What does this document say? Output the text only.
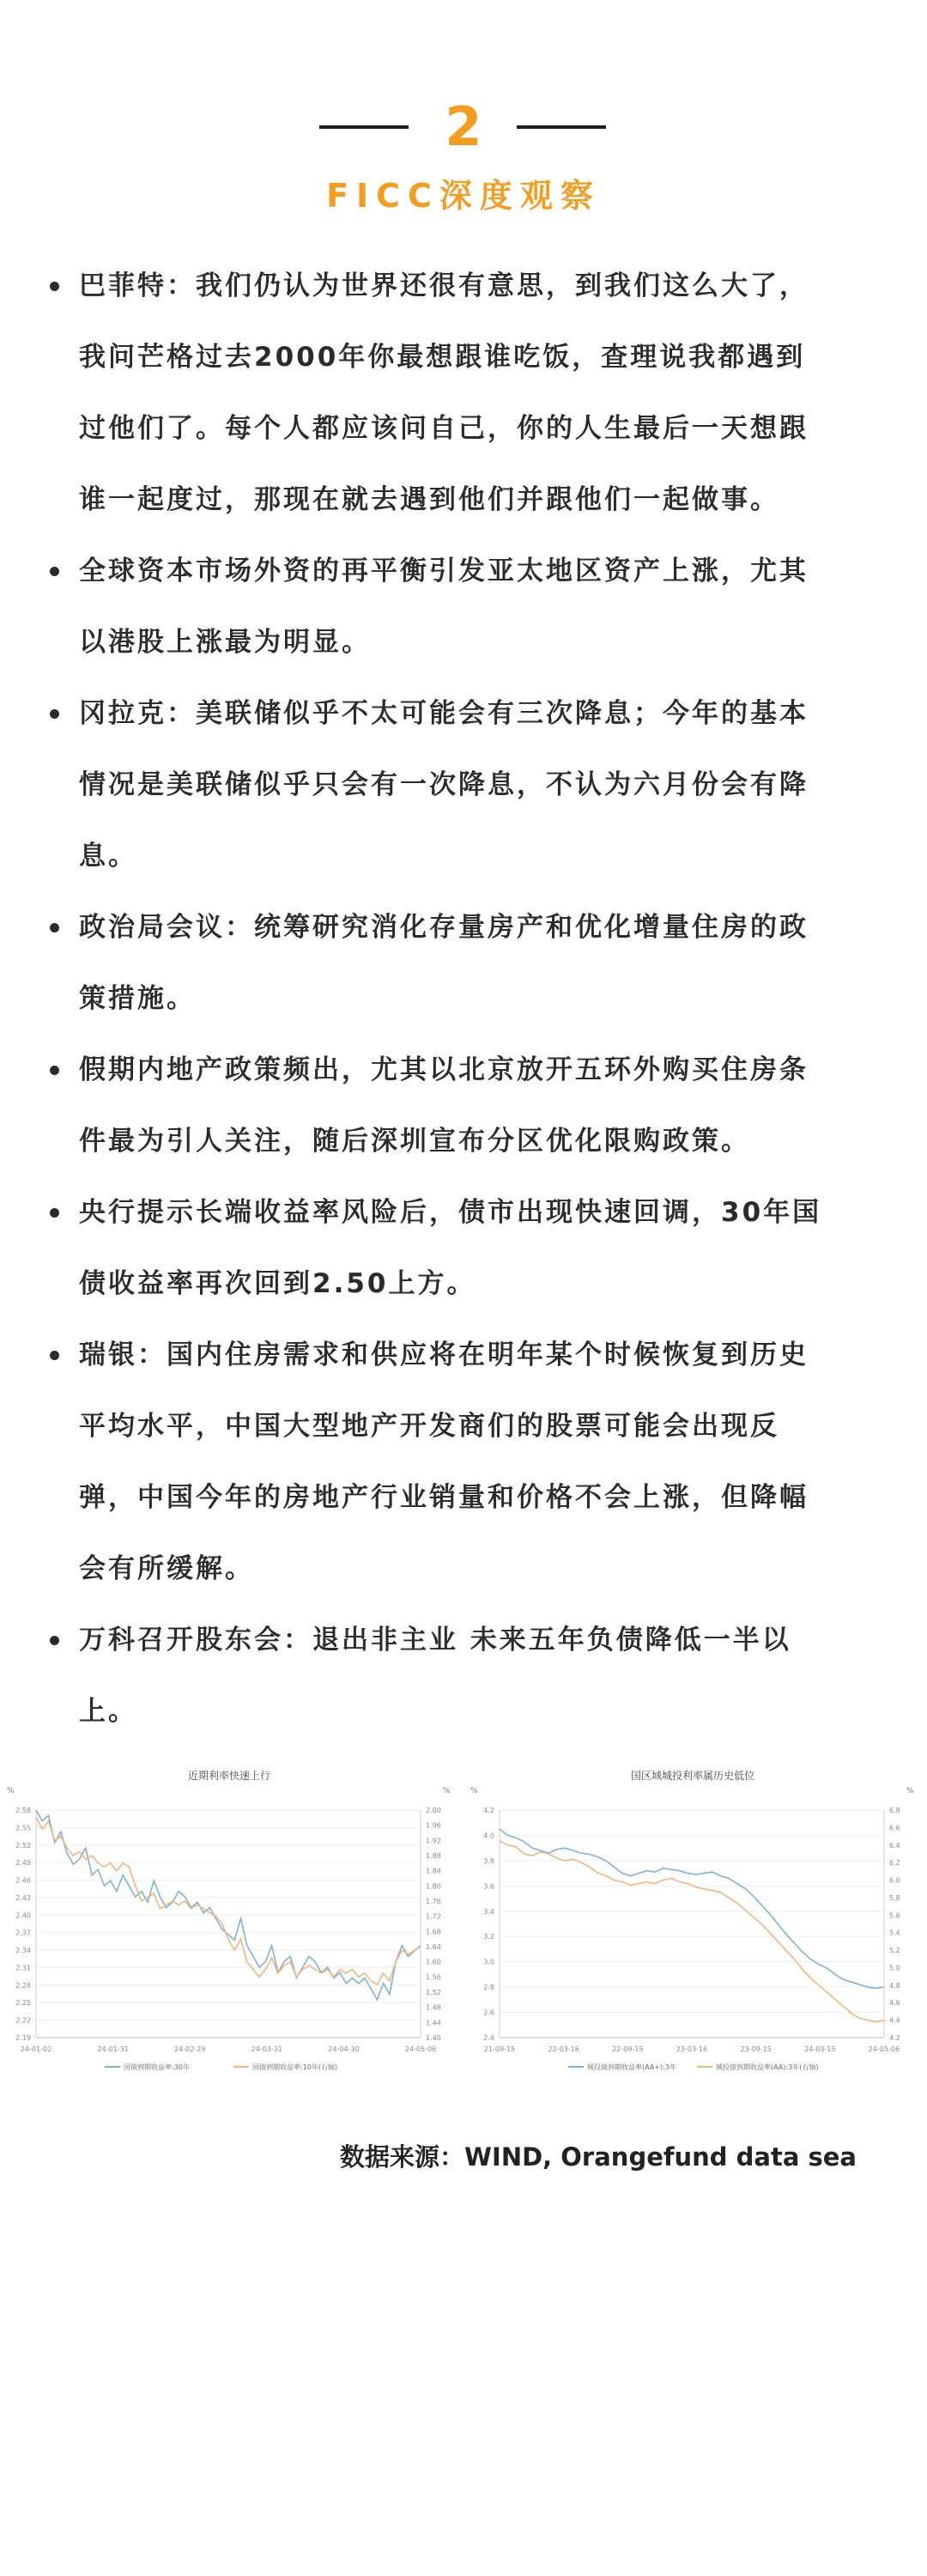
2
FICC深度观察
巴菲特：我们仍认为世界还很有意思，到我们这么大了，
我问芒格过去2000年你最想跟谁吃饭，查理说我都遇到
过他们了。每个人都应该问自己，你的人生最后一天想跟
谁一起度过，那现在就去遇到他们并跟他们一起做事。
全球资本市场外资的再平衡引发亚太地区资产上涨，尤其
以港股上涨最为明显。
冈拉克：美联储似乎不太可能会有三次降息；今年的基本
情况是美联储似乎只会有一次降息，不认为六月份会有降
息。
政治局会议：统筹研究消化存量房产和优化增量住房的政
策措施。
假期内地产政策频出，尤其以北京放开五环外购买住房条
件最为引人关注，随后深圳宣布分区优化限购政策。
央行提示长端收益率风险后，债市出现快速回调，30年国
债收益率再次回到2.50上方。
瑞银：国内住房需求和供应将在明年某个时候恢复到历史
平均水平，中国大型地产开发商们的股票可能会出现反
弹，中国今年的房地产行业销量和价格不会上涨，但降幅
会有所缓解。
万科召开股东会：退出非主业 未来五年负债降低一半以
上。
近期利率快速上行
%	%
2.58
2.55
2.52
2.49
2.46
2.43
2.40
2.37
2.34
2.31
2.28
2.25
2.22
2.19
2.00
1.96
1.92
1.88
1.84
1.80
1.76
1.72
1.68
1.64
1.60
1.56
1.52
1.48
1.44
1.40
24-01-02	24-01-31	24-02-29	24-03-31	24-04-30	24-05-06
国债到期收益率:30年	国债到期收益率:10年(右轴)
国区域城投利率属历史低位
%	%
4.2
4.0
3.8
3.6
3.4
3.2
3.0
2.8
2.6
2.4
6.8
6.6
6.4
6.2
6.0
5.8
5.6
5.4
5.2
5.0
4.8
4.6
4.4
4.2
21-09-15	22-03-16	22-09-15	23-03-16	23-09-15	24-03-15	24-05-06
城投债到期收益率(AA+):3年	城投债到期收益率(AA):3年(右轴)
数据来源：WIND, Orangefund data sea
